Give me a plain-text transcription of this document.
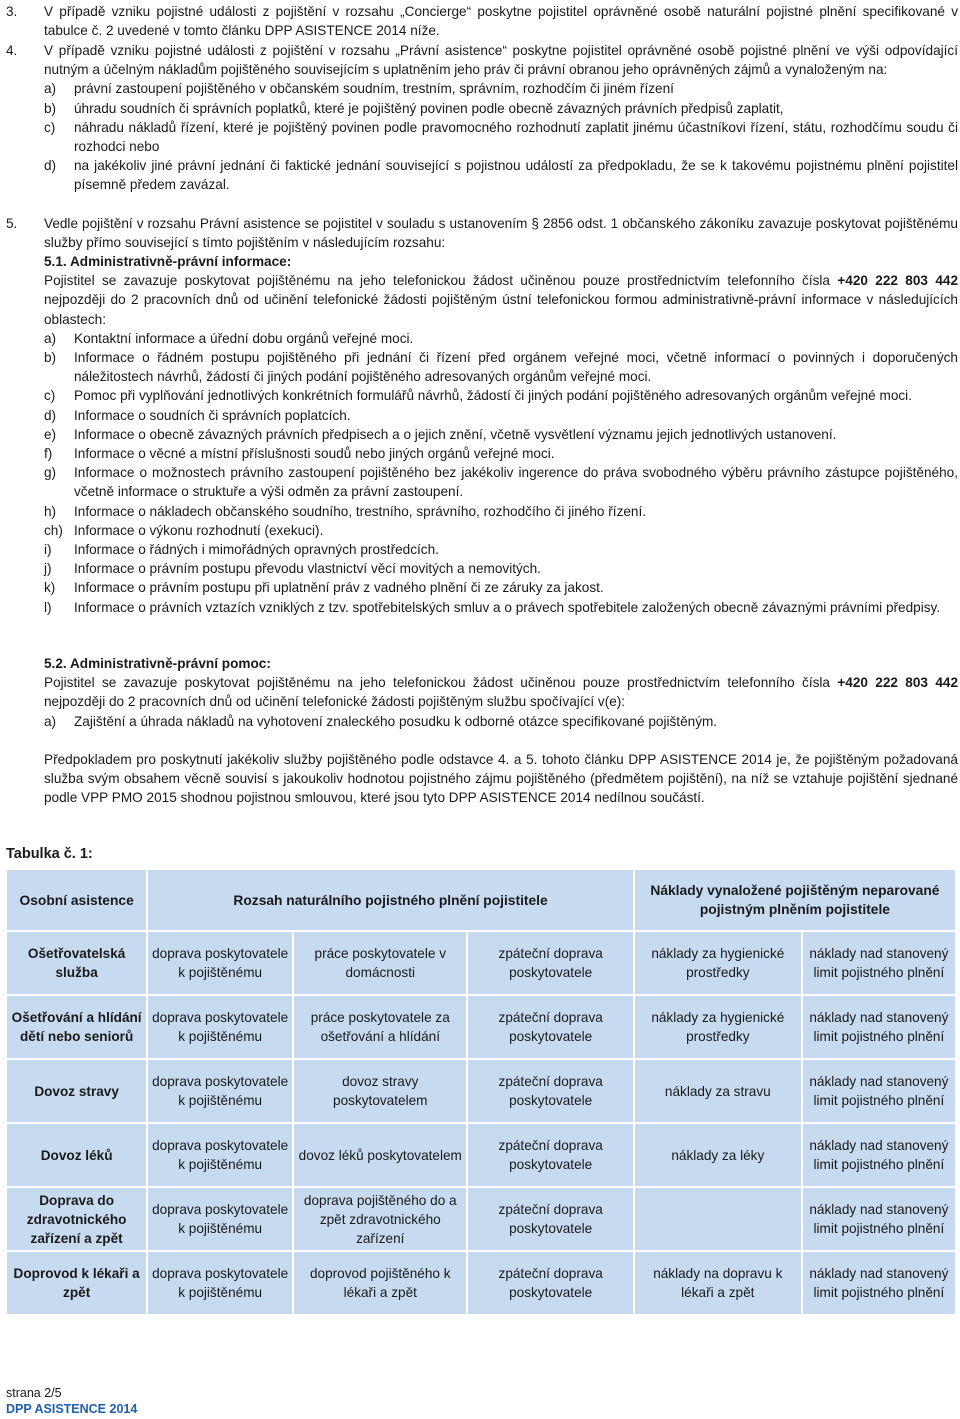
3.	V případě vzniku pojistné události z pojištění v rozsahu „Concierge“ poskytne pojistitel oprávněné osobě naturální pojistné plnění specifikované v tabulce č. 2 uvedené v tomto článku DPP ASISTENCE 2014 níže.
4.	V případě vzniku pojistné události z pojištění v rozsahu „Právní asistence“ poskytne pojistitel oprávněné osobě pojistné plnění ve výši odpovídající nutným a účelným nákladům pojištěného souvisejícím s uplatněním jeho práv či právní obranou jeho oprávněných zájmů a vynaloženým na:

a) právní zastoupení pojištěného v občanském soudním, trestním, správním, rozhodčím či jiném řízení
b) úhradu soudních či správních poplatků, které je pojištěný povinen podle obecně závazných právních předpisů zaplatit,
c) náhradu nákladů řízení, které je pojištěný povinen podle pravomocného rozhodnutí zaplatit jinému účastníkovi řízení, státu, rozhodčímu soudu či rozhodci nebo
d) na jakékoliv jiné právní jednání či faktické jednání související s pojistnou událostí za předpokladu, že se k takovému pojistnému plnění pojistitel písemně předem zavázal.
5.	Vedle pojištění v rozsahu Právní asistence se pojistitel v souladu s ustanovením § 2856 odst. 1 občanského zákoníku zavazuje poskytovat pojištěnému služby přímo související s tímto pojištěním v následujícím rozsahu:

5.1. Administrativně-právní informace:

Pojistitel se zavazuje poskytovat pojištěnému na jeho telefonickou žádost učiněnou pouze prostřednictvím telefonního čísla +420 222 803 442 nejpozději do 2 pracovních dnů od učinění telefonické žádosti pojištěným ústní telefonickou formou administrativně-právní informace v následujících oblastech:

a) Kontaktní informace a úřední dobu orgánů veřejné moci.
b) Informace o řádném postupu pojištěného při jednání či řízení před orgánem veřejné moci, včetně informací o povinných i doporučených náležitostech návrhů, žádostí či jiných podání pojištěného adresovaných orgánům veřejné moci.
c) Pomoc při vyplňování jednotlivých konkrétních formulářů návrhů, žádostí či jiných podání pojištěného adresovaných orgánům veřejné moci.
d) Informace o soudních či správních poplatcích.
e) Informace o obecně závazných právních předpisech a o jejich znění, včetně vysvětlení významu jejich jednotlivých ustanovení.
f) Informace o věcné a místní příslušnosti soudů nebo jiných orgánů veřejné moci.
g) Informace o možnostech právního zastoupení pojištěného bez jakékoliv ingerence do práva svobodného výběru právního zástupce pojištěného, včetně informace o struktuře a výši odměn za právní zastoupení.
h) Informace o nákladech občanského soudního, trestního, správního, rozhodčího či jiného řízení.
ch) Informace o výkonu rozhodnutí (exekuci).
i) Informace o řádných i mimořádných opravných prostředcích.
j) Informace o právním postupu převodu vlastnictví věcí movitých a nemovitých.
k) Informace o právním postupu při uplatnění práv z vadného plnění či ze záruky za jakost.
l) Informace o právních vztazích vzniklých z tzv. spotřebitelských smluv a o právech spotřebitele založených obecně závaznými právními předpisy.

5.2. Administrativně-právní pomoc:

Pojistitel se zavazuje poskytovat pojištěnému na jeho telefonickou žádost učiněnou pouze prostřednictvím telefonního čísla +420 222 803 442 nejpozději do 2 pracovních dnů od učinění telefonické žádosti pojištěným službu spočívající v(e):

a) Zajištění a úhrada nákladů na vyhotovení znaleckého posudku k odborné otázce specifikované pojištěným.
Předpokladem pro poskytnutí jakékoliv služby pojištěného podle odstavce 4. a 5. tohoto článku DPP ASISTENCE 2014 je, že pojištěným požadovaná služba svým obsahem věcně souvisí s jakoukoliv hodnotou pojistného zájmu pojištěného (předmětem pojištění), na níž se vztahuje pojištění sjednané podle VPP PMO 2015 shodnou pojistnou smlouvou, které jsou tyto DPP ASISTENCE 2014 nedílnou součástí.
Tabulka č. 1:
Osobní asistence	Rozsah naturálního pojistného plnění pojistitele			Náklady vynaložené pojištěným neparované pojistným plněním pojistitele	
Ošetřovatelská služba	doprava poskytovatele k pojištěnému	práce poskytovatele v domácnosti	zpáteční doprava poskytovatele	náklady za hygienické prostředky	náklady nad stanovený limit pojistného plnění
Ošetřování a hlídání dětí nebo seniorů	doprava poskytovatele k pojištěnému	práce poskytovatele za ošetřování a hlídání	zpáteční doprava poskytovatele	náklady za hygienické prostředky	náklady nad stanovený limit pojistného plnění
Dovoz stravy	doprava poskytovatele k pojištěnému	dovoz stravy poskytovatelem	zpáteční doprava poskytovatele	náklady za stravu	náklady nad stanovený limit pojistného plnění
Dovoz léků	doprava poskytovatele k pojištěnému	dovoz léků poskytovatelem	zpáteční doprava poskytovatele	náklady za léky	náklady nad stanovený limit pojistného plnění
Doprava do zdravotnického zařízení a zpět	doprava poskytovatele k pojištěnému	doprava pojištěného do a zpět zdravotnického zařízení	zpáteční doprava poskytovatele		náklady nad stanovený limit pojistného plnění
Doprovod k lékaři a zpět	doprava poskytovatele k pojištěnému	doprovod pojištěného k lékaři a zpět	zpáteční doprava poskytovatele	náklady na dopravu k lékaři a zpět	náklady nad stanovený limit pojistného plnění
strana 2/5
DPP ASISTENCE 2014
